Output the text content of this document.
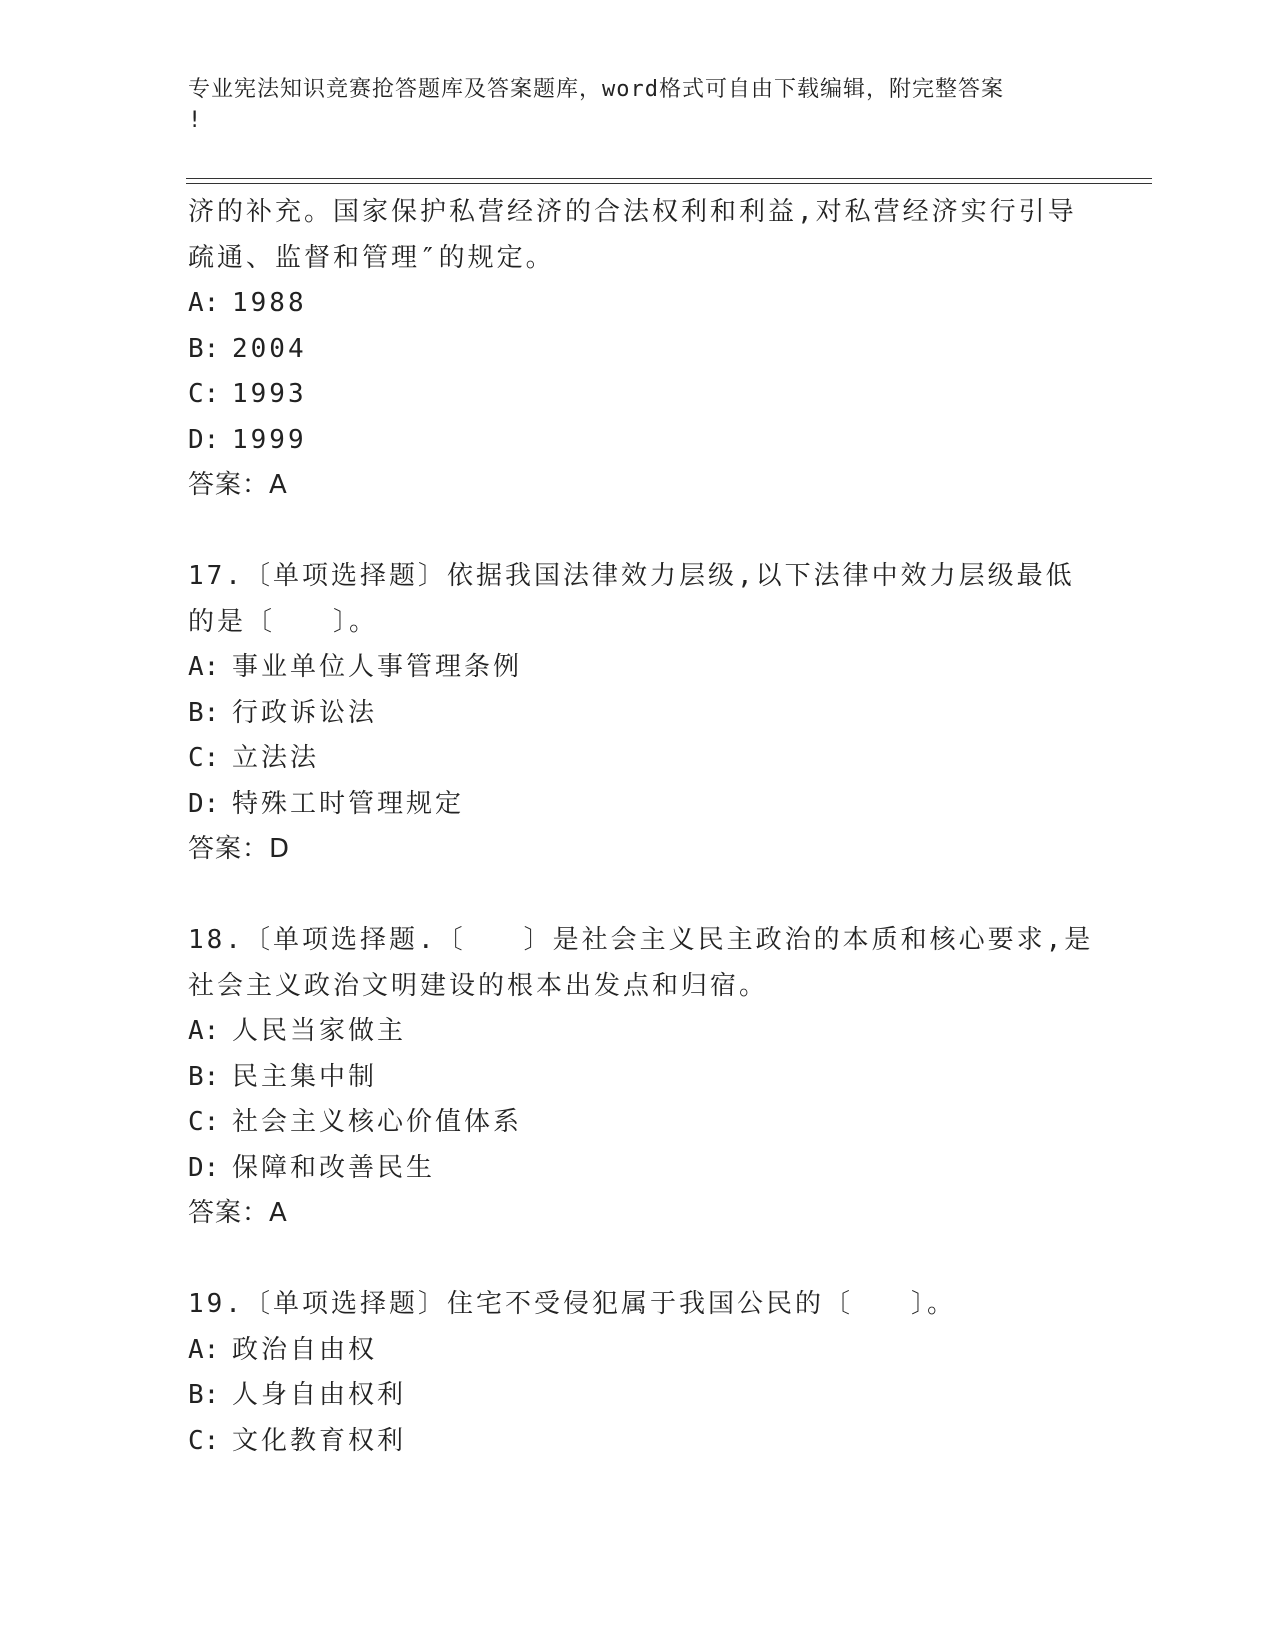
专业宪法知识竞赛抢答题库及答案题库，word格式可自由下载编辑，附完整答案
!
济的补充。国家保护私营经济的合法权利和利益,对私营经济实行引导
疏通、监督和管理″的规定。
A: 1988
B: 2004
C: 1993
D: 1999
答案：A
17.〔单项选择题〕依据我国法律效力层级,以下法律中效力层级最低
的是〔　　〕。
A: 事业单位人事管理条例
B: 行政诉讼法
C: 立法法
D: 特殊工时管理规定
答案：D
18.〔单项选择题.〔　　〕是社会主义民主政治的本质和核心要求,是
社会主义政治文明建设的根本出发点和归宿。
A: 人民当家做主
B: 民主集中制
C: 社会主义核心价值体系
D: 保障和改善民生
答案：A
19.〔单项选择题〕住宅不受侵犯属于我国公民的〔　　〕。
A: 政治自由权
B: 人身自由权利
C: 文化教育权利
